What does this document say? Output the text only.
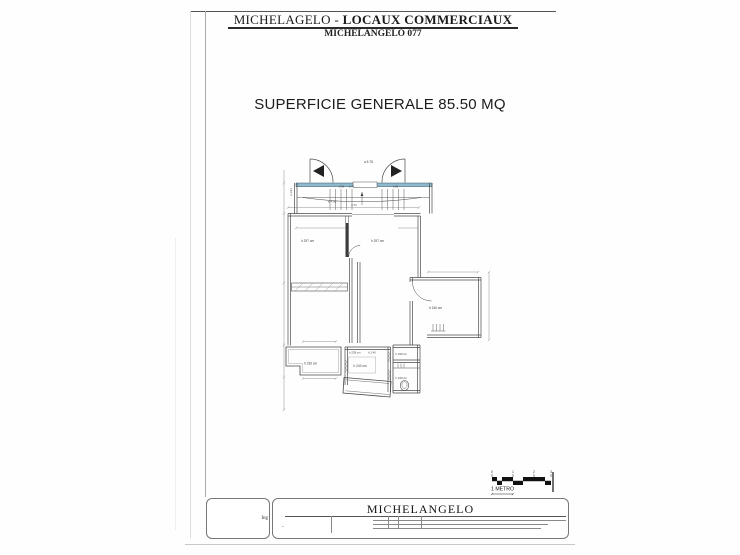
MICHELAGELO - LOCAUX COMMERCIAUX
MICHELANGELO 077
SUPERFICIE GENERALE 85.50 MQ
a 5.78
a 1.91
2.05 1.77	1.85
a 4.90
4.71
h 297 cm	h 297 cm
h 246 cm
h 236 cm
h 239 cm	h 2.40
h 240 cm
h 240 cm
h 240 cm
0	1	2	3
1 METRO
Ing
MICHELANGELO
.
